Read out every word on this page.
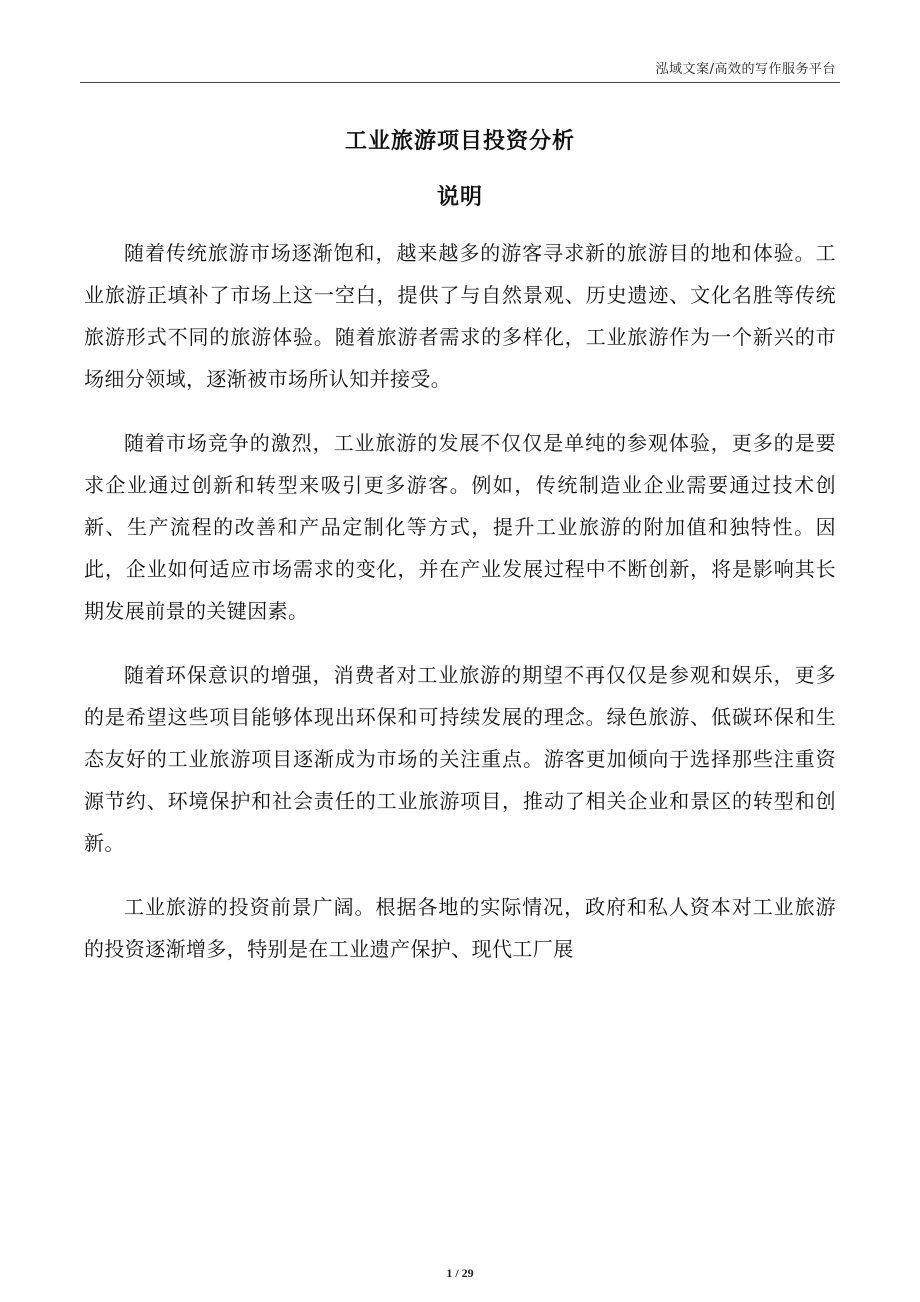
泓域文案/高效的写作服务平台
工业旅游项目投资分析
说明

随着传统旅游市场逐渐饱和，越来越多的游客寻求新的旅游目的地和体验。工业旅游正填补了市场上这一空白，提供了与自然景观、历史遗迹、文化名胜等传统旅游形式不同的旅游体验。随着旅游者需求的多样化，工业旅游作为一个新兴的市场细分领域，逐渐被市场所认知并接受。

随着市场竞争的激烈，工业旅游的发展不仅仅是单纯的参观体验，更多的是要求企业通过创新和转型来吸引更多游客。例如，传统制造业企业需要通过技术创新、生产流程的改善和产品定制化等方式，提升工业旅游的附加值和独特性。因此，企业如何适应市场需求的变化，并在产业发展过程中不断创新，将是影响其长期发展前景的关键因素。

随着环保意识的增强，消费者对工业旅游的期望不再仅仅是参观和娱乐，更多的是希望这些项目能够体现出环保和可持续发展的理念。绿色旅游、低碳环保和生态友好的工业旅游项目逐渐成为市场的关注重点。游客更加倾向于选择那些注重资源节约、环境保护和社会责任的工业旅游项目，推动了相关企业和景区的转型和创新。

工业旅游的投资前景广阔。根据各地的实际情况，政府和私人资本对工业旅游的投资逐渐增多，特别是在工业遗产保护、现代工厂展

1 / 29
